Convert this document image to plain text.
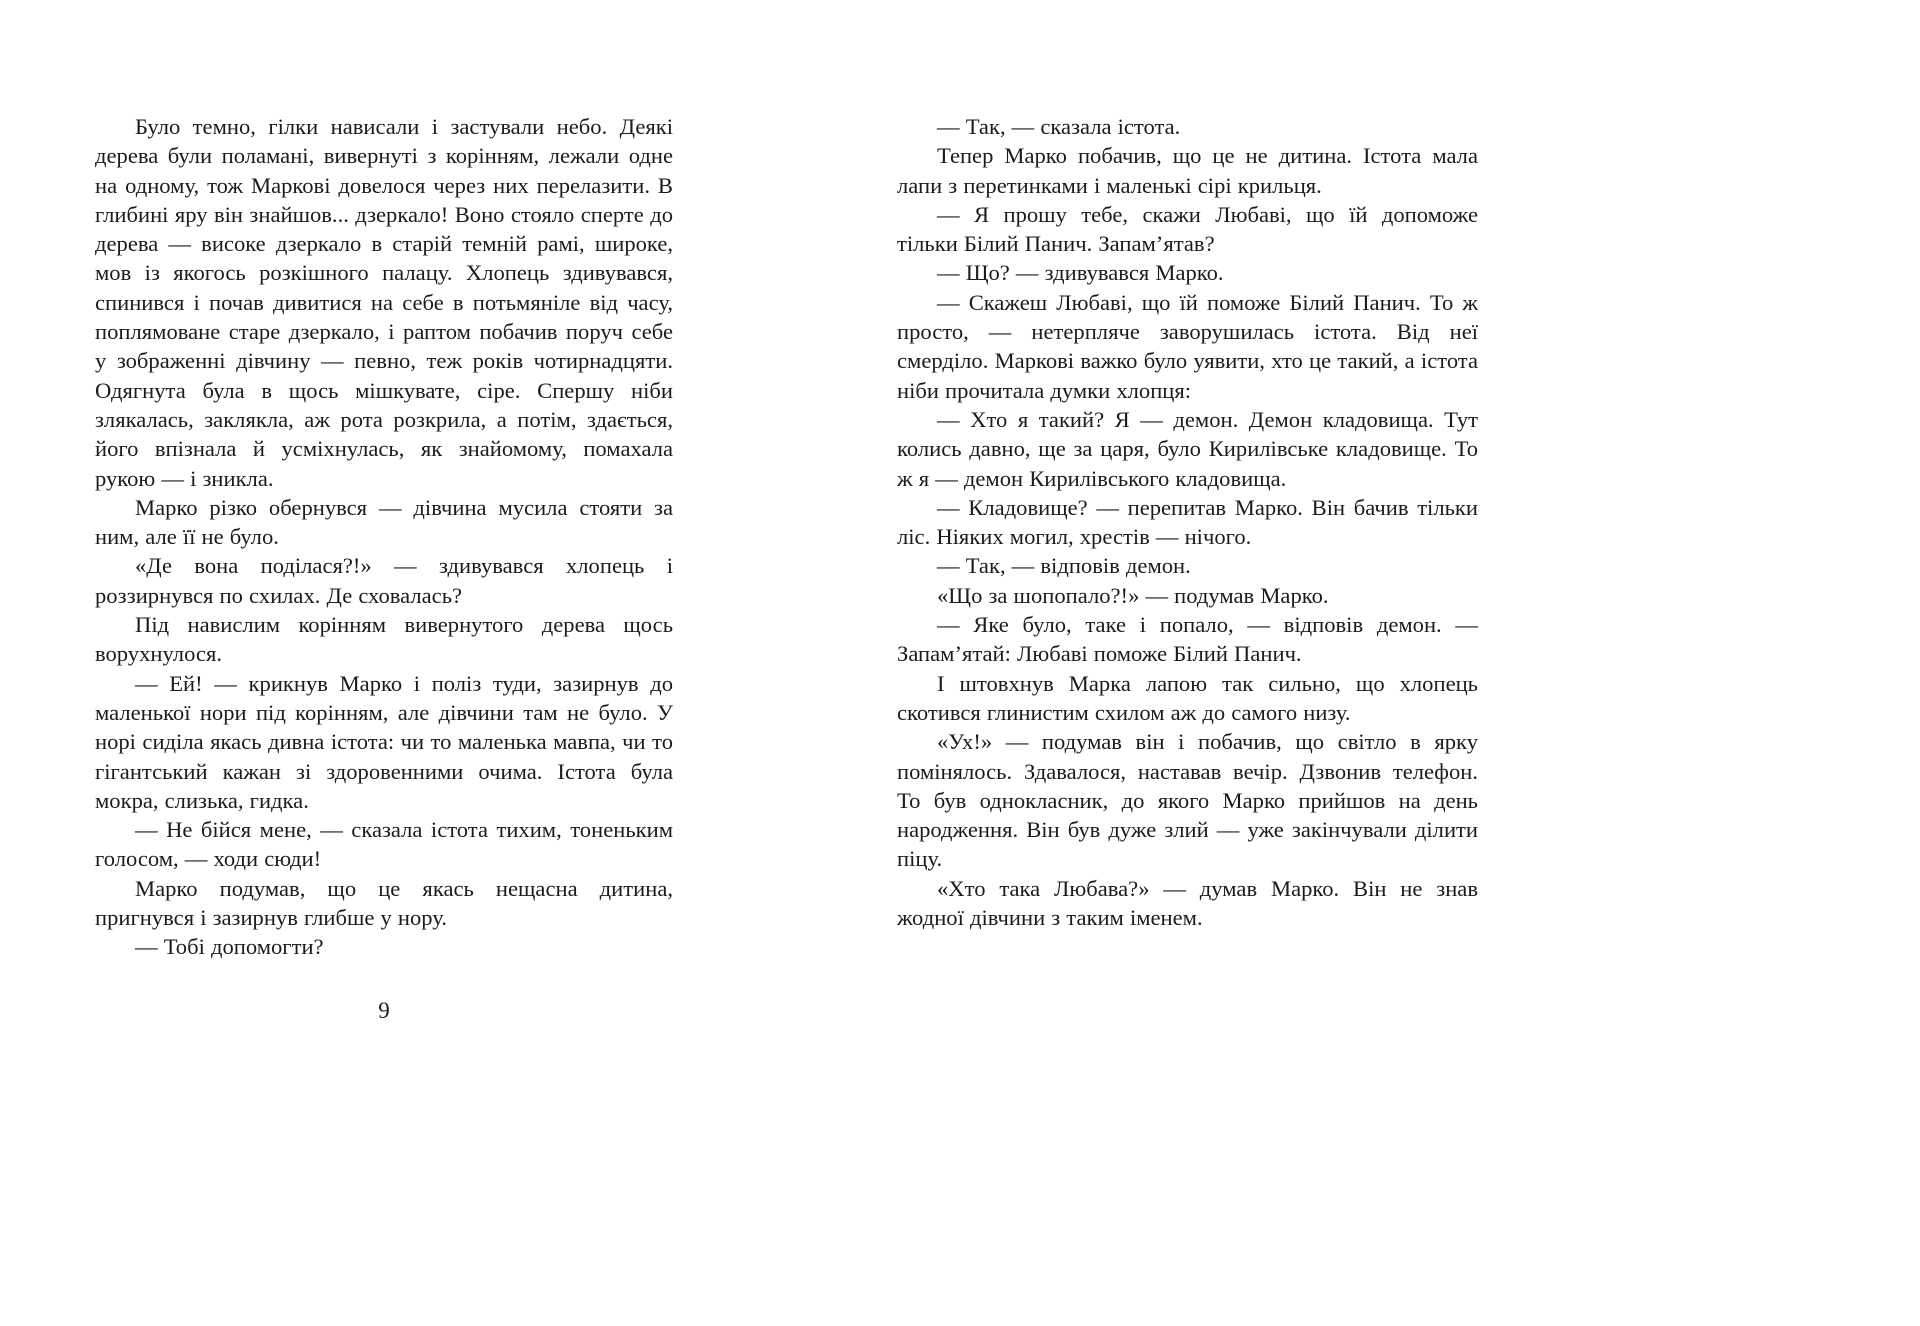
Було темно, гілки нависали і застували небо. Деякі дерева були поламані, вивернуті з корінням, лежали одне на одному, тож Маркові довелося через них перелазити. В глибині яру він знайшов... дзеркало! Воно стояло сперте до дерева — високе дзеркало в старій темній рамі, широке, мов із якогось розкішного палацу. Хлопець здивувався, спинився і почав дивитися на себе в потьмяніле від часу, поплямоване старе дзеркало, і раптом побачив поруч себе у зображенні дівчину — певно, теж років чотирнадцяти. Одягнута була в щось мішкувате, сіре. Спершу ніби злякалась, заклякла, аж рота розкрила, а потім, здається, його впізнала й усміхнулась, як знайомому, помахала рукою — і зникла.

Марко різко обернувся — дівчина мусила стояти за ним, але її не було.

«Де вона поділася?!» — здивувався хлопець і роззирнувся по схилах. Де сховалась?

Під навислим корінням вивернутого дерева щось ворухнулося.

— Ей! — крикнув Марко і поліз туди, зазирнув до маленької нори під корінням, але дівчини там не було. У норі сиділа якась дивна істота: чи то маленька мавпа, чи то гігантський кажан зі здоровенними очима. Істота була мокра, слизька, гидка.

— Не бійся мене, — сказала істота тихим, тоненьким голосом, — ходи сюди!

Марко подумав, що це якась нещасна дитина, пригнувся і зазирнув глибше у нору.

— Тобі допомогти?

9

— Так, — сказала істота.

Тепер Марко побачив, що це не дитина. Істота мала лапи з перетинками і маленькі сірі крильця.

— Я прошу тебе, скажи Любаві, що їй допоможе тільки Білий Панич. Запам’ятав?

— Що? — здивувався Марко.

— Скажеш Любаві, що їй поможе Білий Панич. То ж просто, — нетерпляче заворушилась істота. Від неї смерділо. Маркові важко було уявити, хто це такий, а істота ніби прочитала думки хлопця:

— Хто я такий? Я — демон. Демон кладовища. Тут колись давно, ще за царя, було Кирилівське кладовище. То ж я — демон Кирилівського кладовища.

— Кладовище? — перепитав Марко. Він бачив тільки ліс. Ніяких могил, хрестів — нічого.

— Так, — відповів демон.

«Що за шопопало?!» — подумав Марко.

— Яке було, таке і попало, — відповів демон. — Запам’ятай: Любаві поможе Білий Панич.

І штовхнув Марка лапою так сильно, що хлопець скотився глинистим схилом аж до самого низу.

«Ух!» — подумав він і побачив, що світло в ярку помінялось. Здавалося, наставав вечір. Дзвонив телефон. То був однокласник, до якого Марко прийшов на день народження. Він був дуже злий — уже закінчували ділити піцу.

«Хто така Любава?» — думав Марко. Він не знав жодної дівчини з таким іменем.
